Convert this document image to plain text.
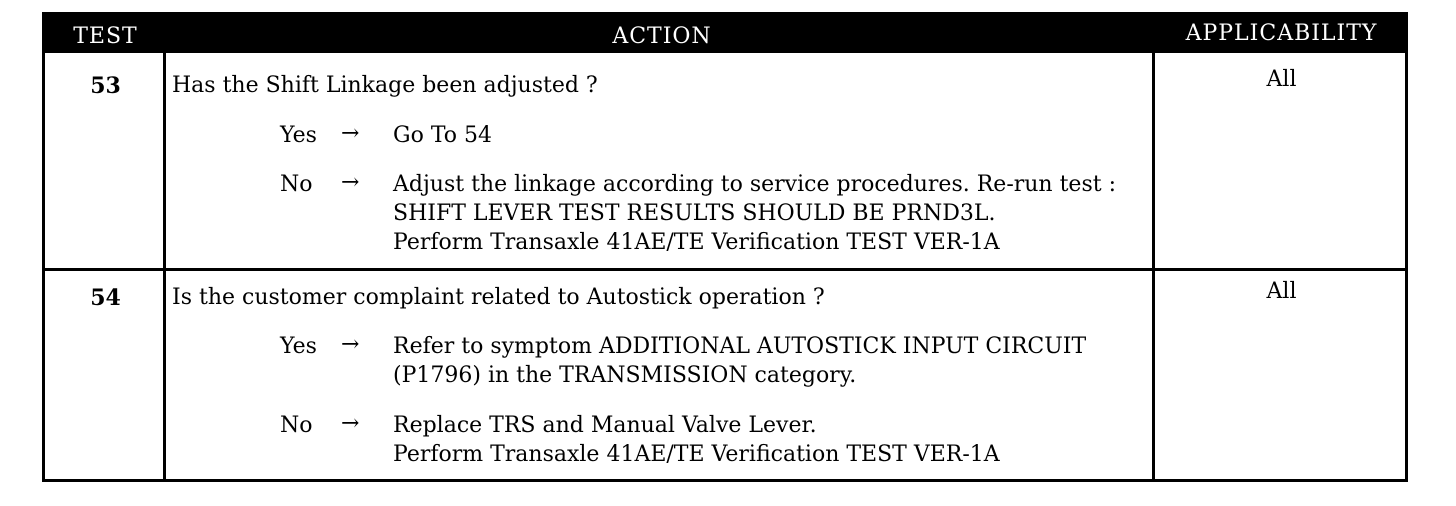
TEST	ACTION	APPLICABILITY
53	Has the Shift Linkage been adjusted ?	All
Yes → Go To 54
No → Adjust the linkage according to service procedures. Re-run test :
SHIFT LEVER TEST RESULTS SHOULD BE PRND3L.
Perform Transaxle 41AE/TE Verification TEST VER-1A
54	Is the customer complaint related to Autostick operation ?	All
Yes → Refer to symptom ADDITIONAL AUTOSTICK INPUT CIRCUIT
(P1796) in the TRANSMISSION category.
No → Replace TRS and Manual Valve Lever.
Perform Transaxle 41AE/TE Verification TEST VER-1A
